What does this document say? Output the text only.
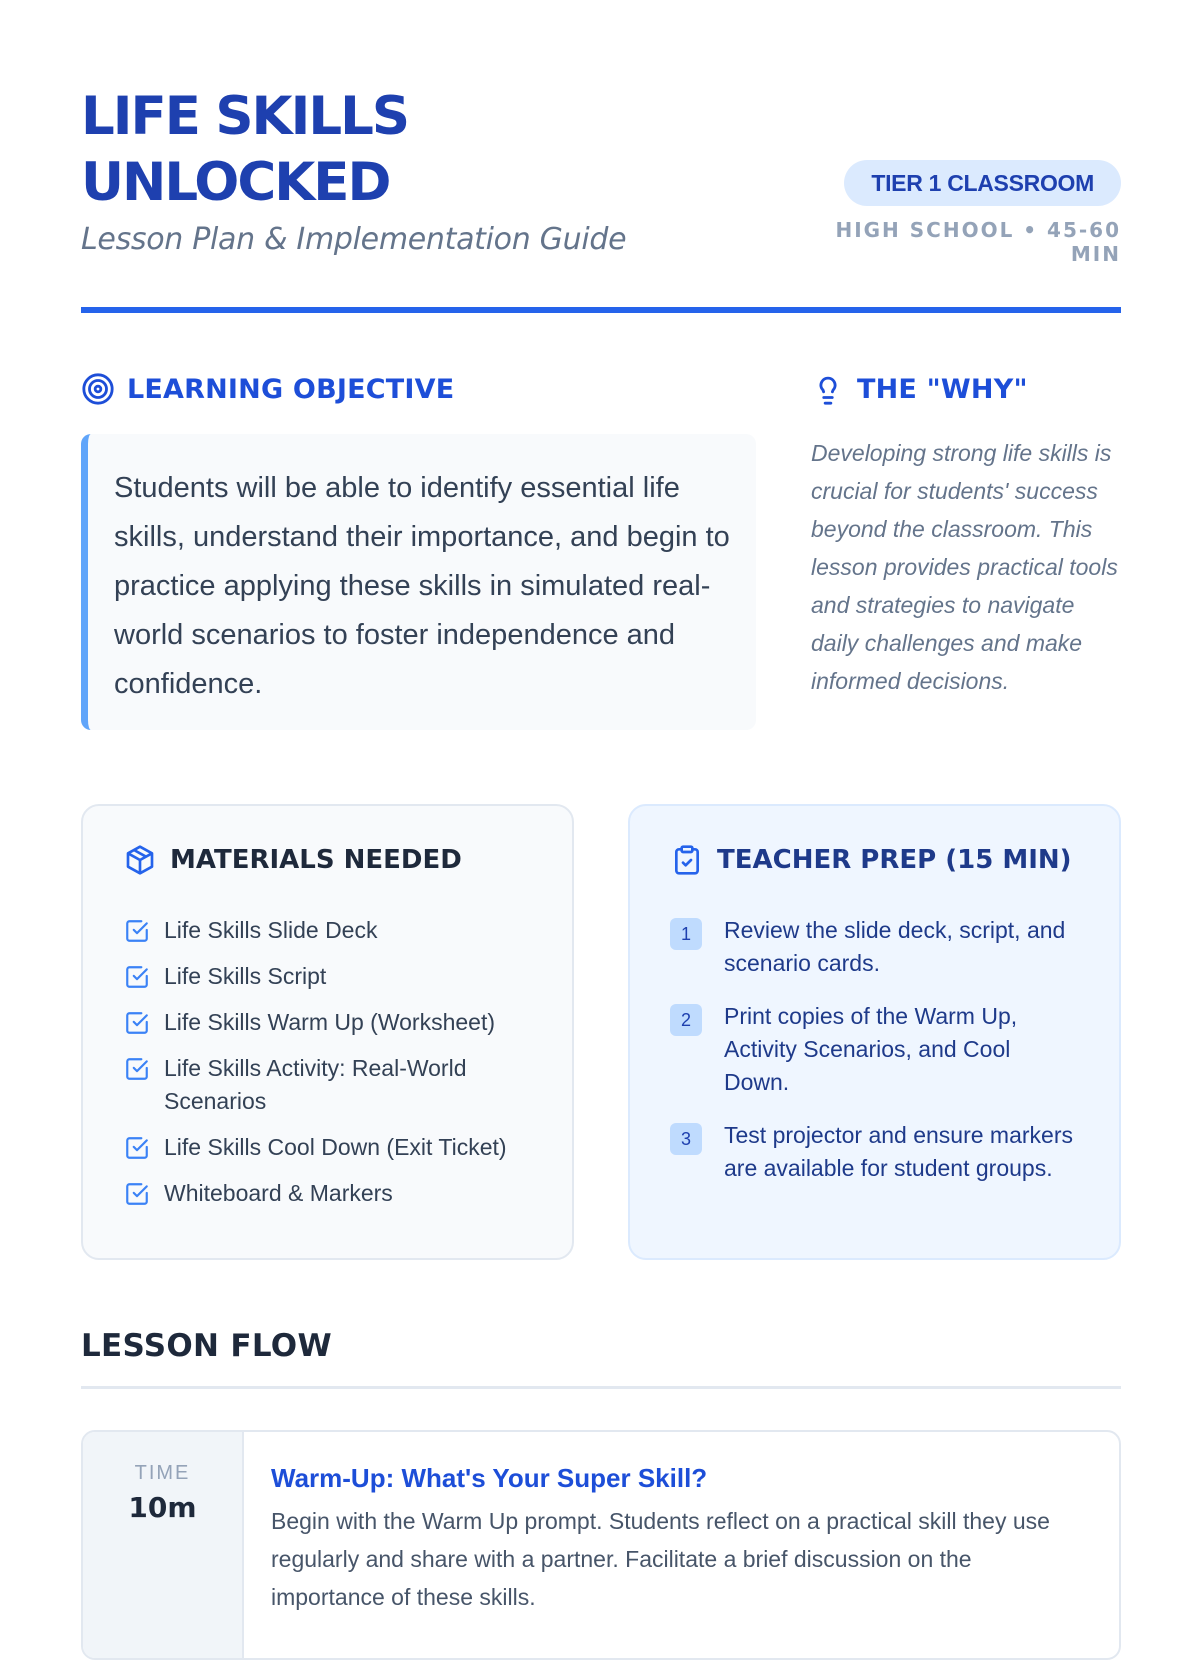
LIFE SKILLS UNLOCKED
Lesson Plan & Implementation Guide
TIER 1 CLASSROOM
HIGH SCHOOL • 45-60 MIN
LEARNING OBJECTIVE
Students will be able to identify essential life skills, understand their importance, and begin to practice applying these skills in simulated real-world scenarios to foster independence and confidence.
THE "WHY"
Developing strong life skills is crucial for students' success beyond the classroom. This lesson provides practical tools and strategies to navigate daily challenges and make informed decisions.
MATERIALS NEEDED
Life Skills Slide Deck
Life Skills Script
Life Skills Warm Up (Worksheet)
Life Skills Activity: Real-World Scenarios
Life Skills Cool Down (Exit Ticket)
Whiteboard & Markers
TEACHER PREP (15 MIN)
1	Review the slide deck, script, and scenario cards.
2	Print copies of the Warm Up, Activity Scenarios, and Cool Down.
3	Test projector and ensure markers are available for student groups.
LESSON FLOW
TIME
10m
Warm-Up: What's Your Super Skill?
Begin with the Warm Up prompt. Students reflect on a practical skill they use regularly and share with a partner. Facilitate a brief discussion on the importance of these skills.
